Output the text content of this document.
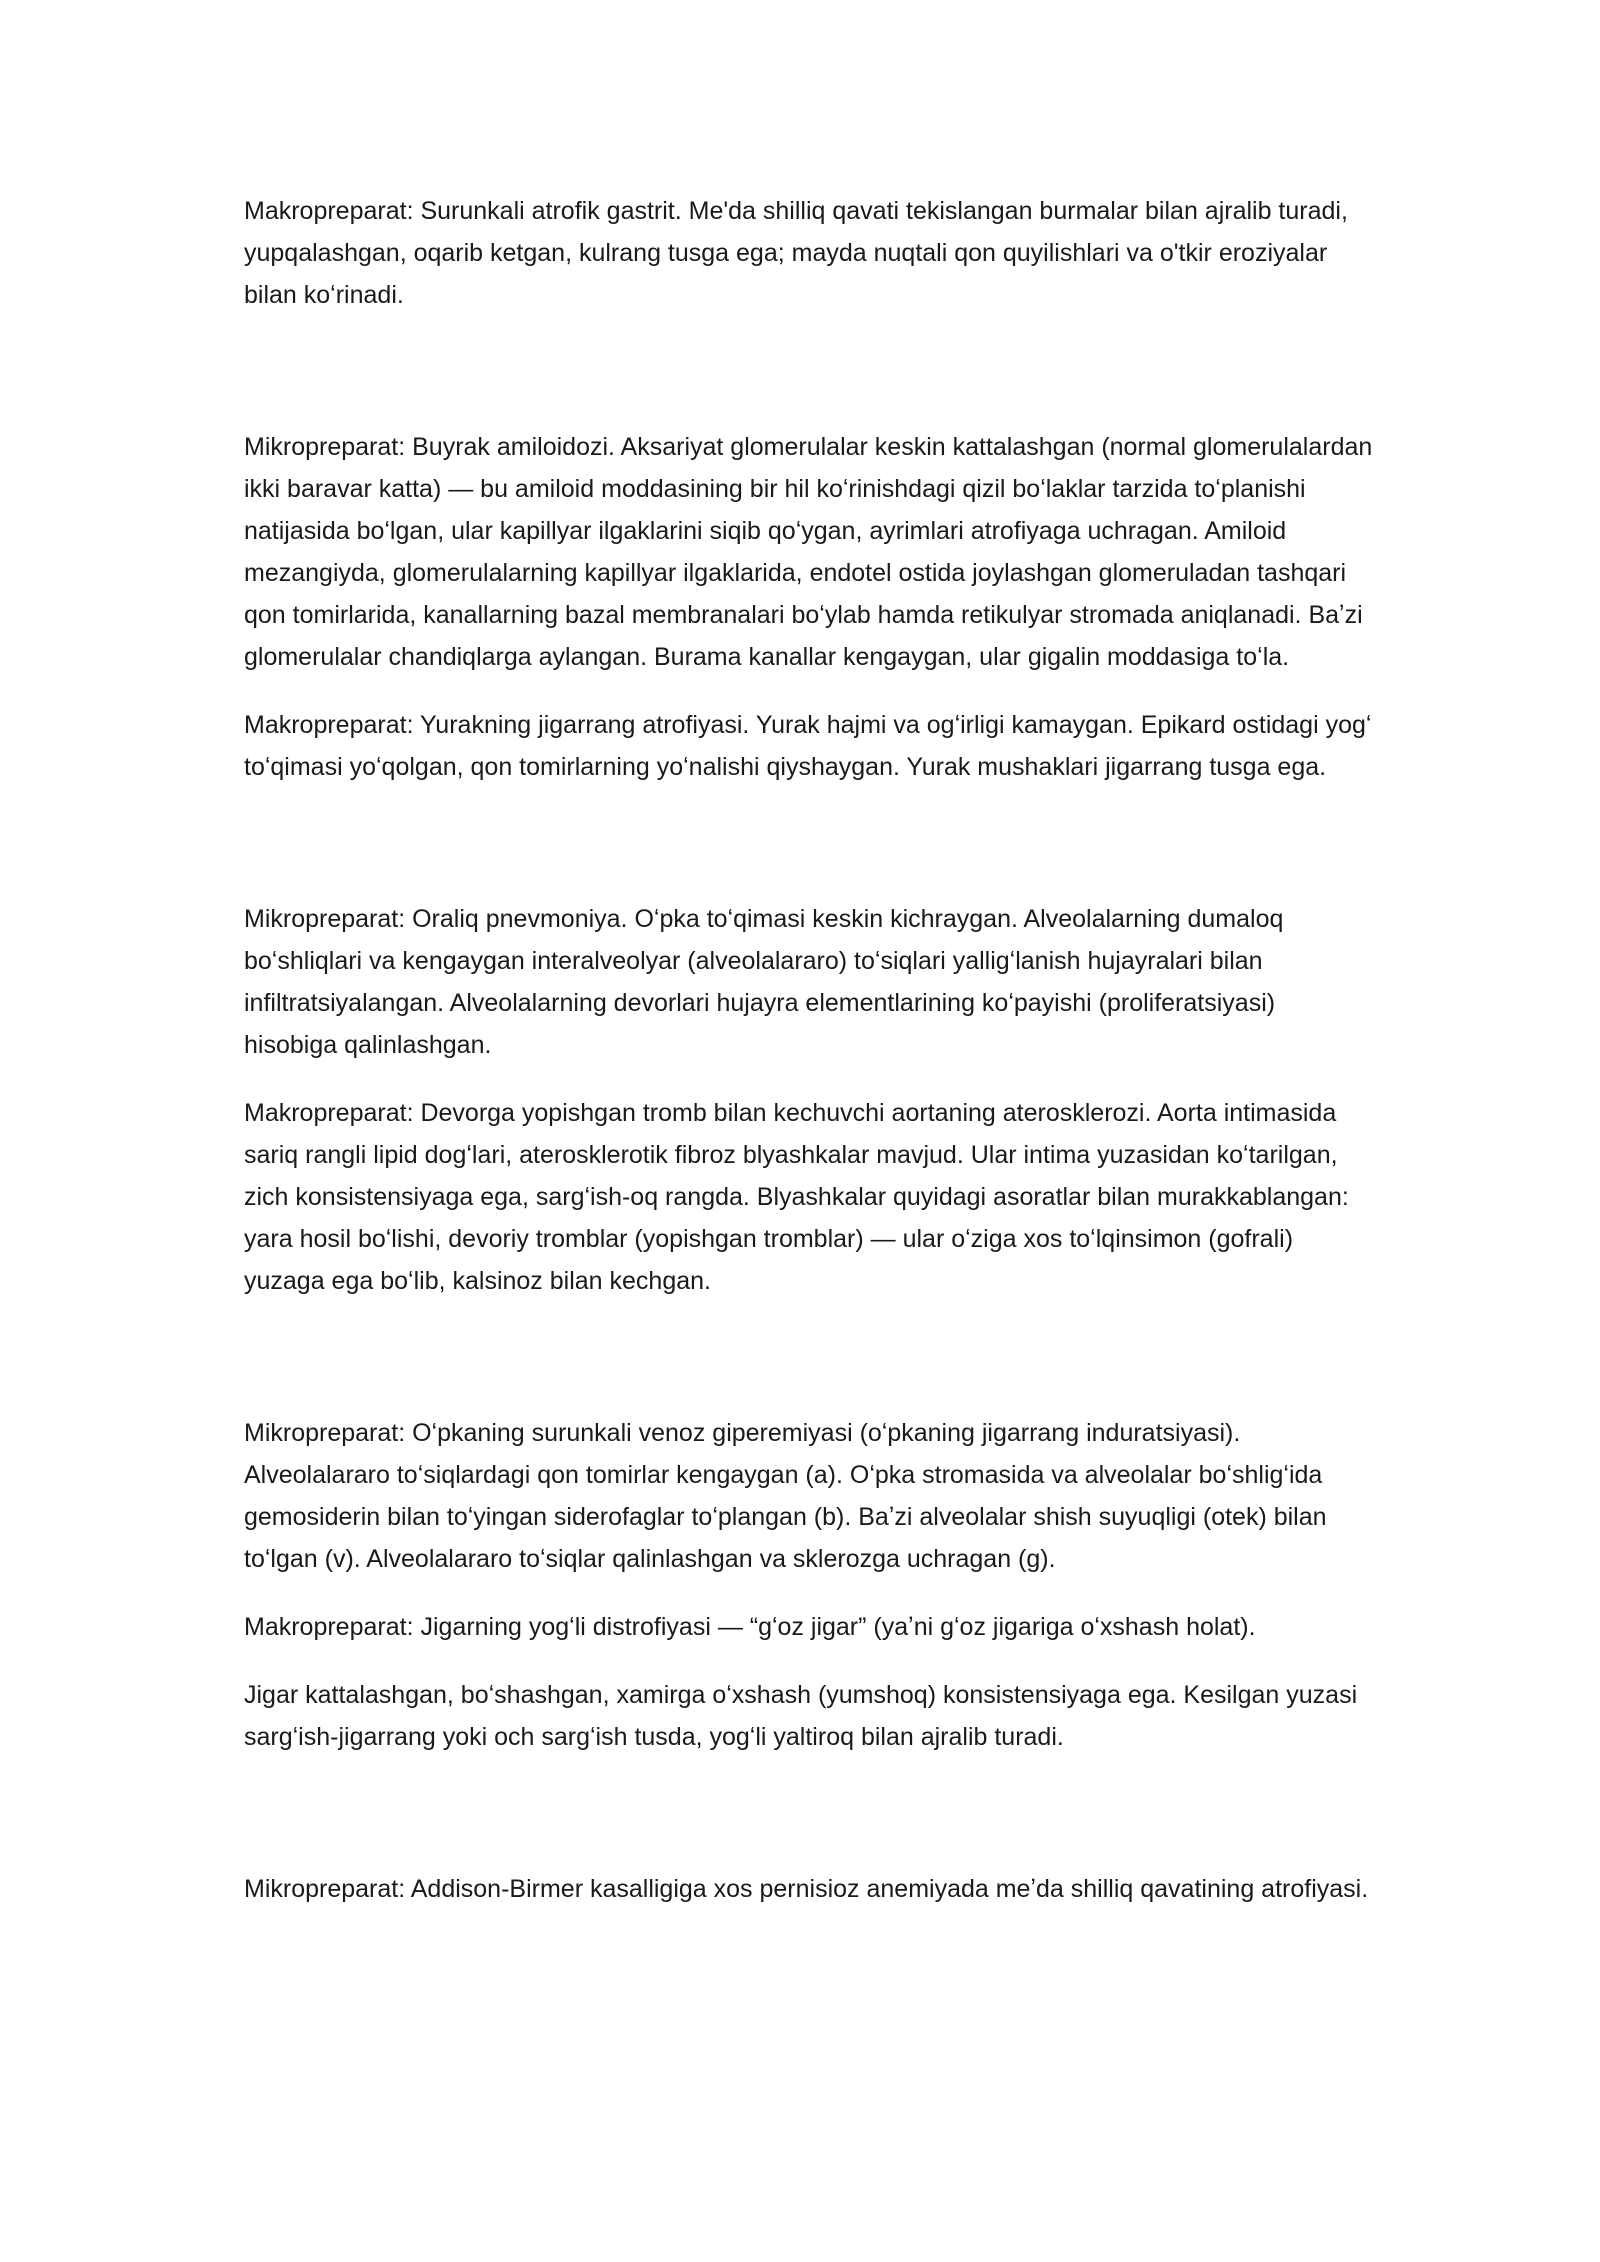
Makropreparat: Surunkali atrofik gastrit. Me'da shilliq qavati tekislangan burmalar bilan ajralib turadi, yupqalashgan, oqarib ketgan, kulrang tusga ega; mayda nuqtali qon quyilishlari va o'tkir eroziyalar bilan koʻrinadi.

Mikropreparat: Buyrak amiloidozi. Aksariyat glomerulalar keskin kattalashgan (normal glomerulalardan ikki baravar katta) — bu amiloid moddasining bir hil koʻrinishdagi qizil boʻlaklar tarzida toʻplanishi natijasida boʻlgan, ular kapillyar ilgaklarini siqib qoʻygan, ayrimlari atrofiyaga uchragan. Amiloid mezangiyda, glomerulalarning kapillyar ilgaklarida, endotel ostida joylashgan glomeruladan tashqari qon tomirlarida, kanallarning bazal membranalari boʻylab hamda retikulyar stromada aniqlanadi. Baʼzi glomerulalar chandiqlarga aylangan. Burama kanallar kengaygan, ular gigalin moddasiga toʻla.

Makropreparat: Yurakning jigarrang atrofiyasi. Yurak hajmi va ogʻirligi kamaygan. Epikard ostidagi yogʻ toʻqimasi yoʻqolgan, qon tomirlarning yoʻnalishi qiyshaygan. Yurak mushaklari jigarrang tusga ega.

Mikropreparat: Oraliq pnevmoniya. Oʻpka toʻqimasi keskin kichraygan. Alveolalarning dumaloq boʻshliqlari va kengaygan interalveolyar (alveolalararo) toʻsiqlari yalligʻlanish hujayralari bilan infiltratsiyalangan. Alveolalarning devorlari hujayra elementlarining koʻpayishi (proliferatsiyasi) hisobiga qalinlashgan.

Makropreparat: Devorga yopishgan tromb bilan kechuvchi aortaning aterosklerozi. Aorta intimasida sariq rangli lipid dogʻlari, aterosklerotik fibroz blyashkalar mavjud. Ular intima yuzasidan koʻtarilgan, zich konsistensiyaga ega, sargʻish-oq rangda. Blyashkalar quyidagi asoratlar bilan murakkablangan: yara hosil boʻlishi, devoriy tromblar (yopishgan tromblar) — ular oʻziga xos toʻlqinsimon (gofrali) yuzaga ega boʻlib, kalsinoz bilan kechgan.

Mikropreparat: Oʻpkaning surunkali venoz giperemiyasi (oʻpkaning jigarrang induratsiyasi). Alveolalararo toʻsiqlardagi qon tomirlar kengaygan (a). Oʻpka stromasida va alveolalar boʻshligʻida gemosiderin bilan toʻyingan siderofaglar toʻplangan (b). Baʼzi alveolalar shish suyuqligi (otek) bilan toʻlgan (v). Alveolalararo toʻsiqlar qalinlashgan va sklerozga uchragan (g).

Makropreparat: Jigarning yogʻli distrofiyasi — “gʻoz jigar” (yaʼni gʻoz jigariga oʻxshash holat).

Jigar kattalashgan, boʻshashgan, xamirga oʻxshash (yumshoq) konsistensiyaga ega. Kesilgan yuzasi sargʻish-jigarrang yoki och sargʻish tusda, yogʻli yaltiroq bilan ajralib turadi.

Mikropreparat: Addison-Birmer kasalligiga xos pernisioz anemiyada meʼda shilliq qavatining atrofiyasi.
